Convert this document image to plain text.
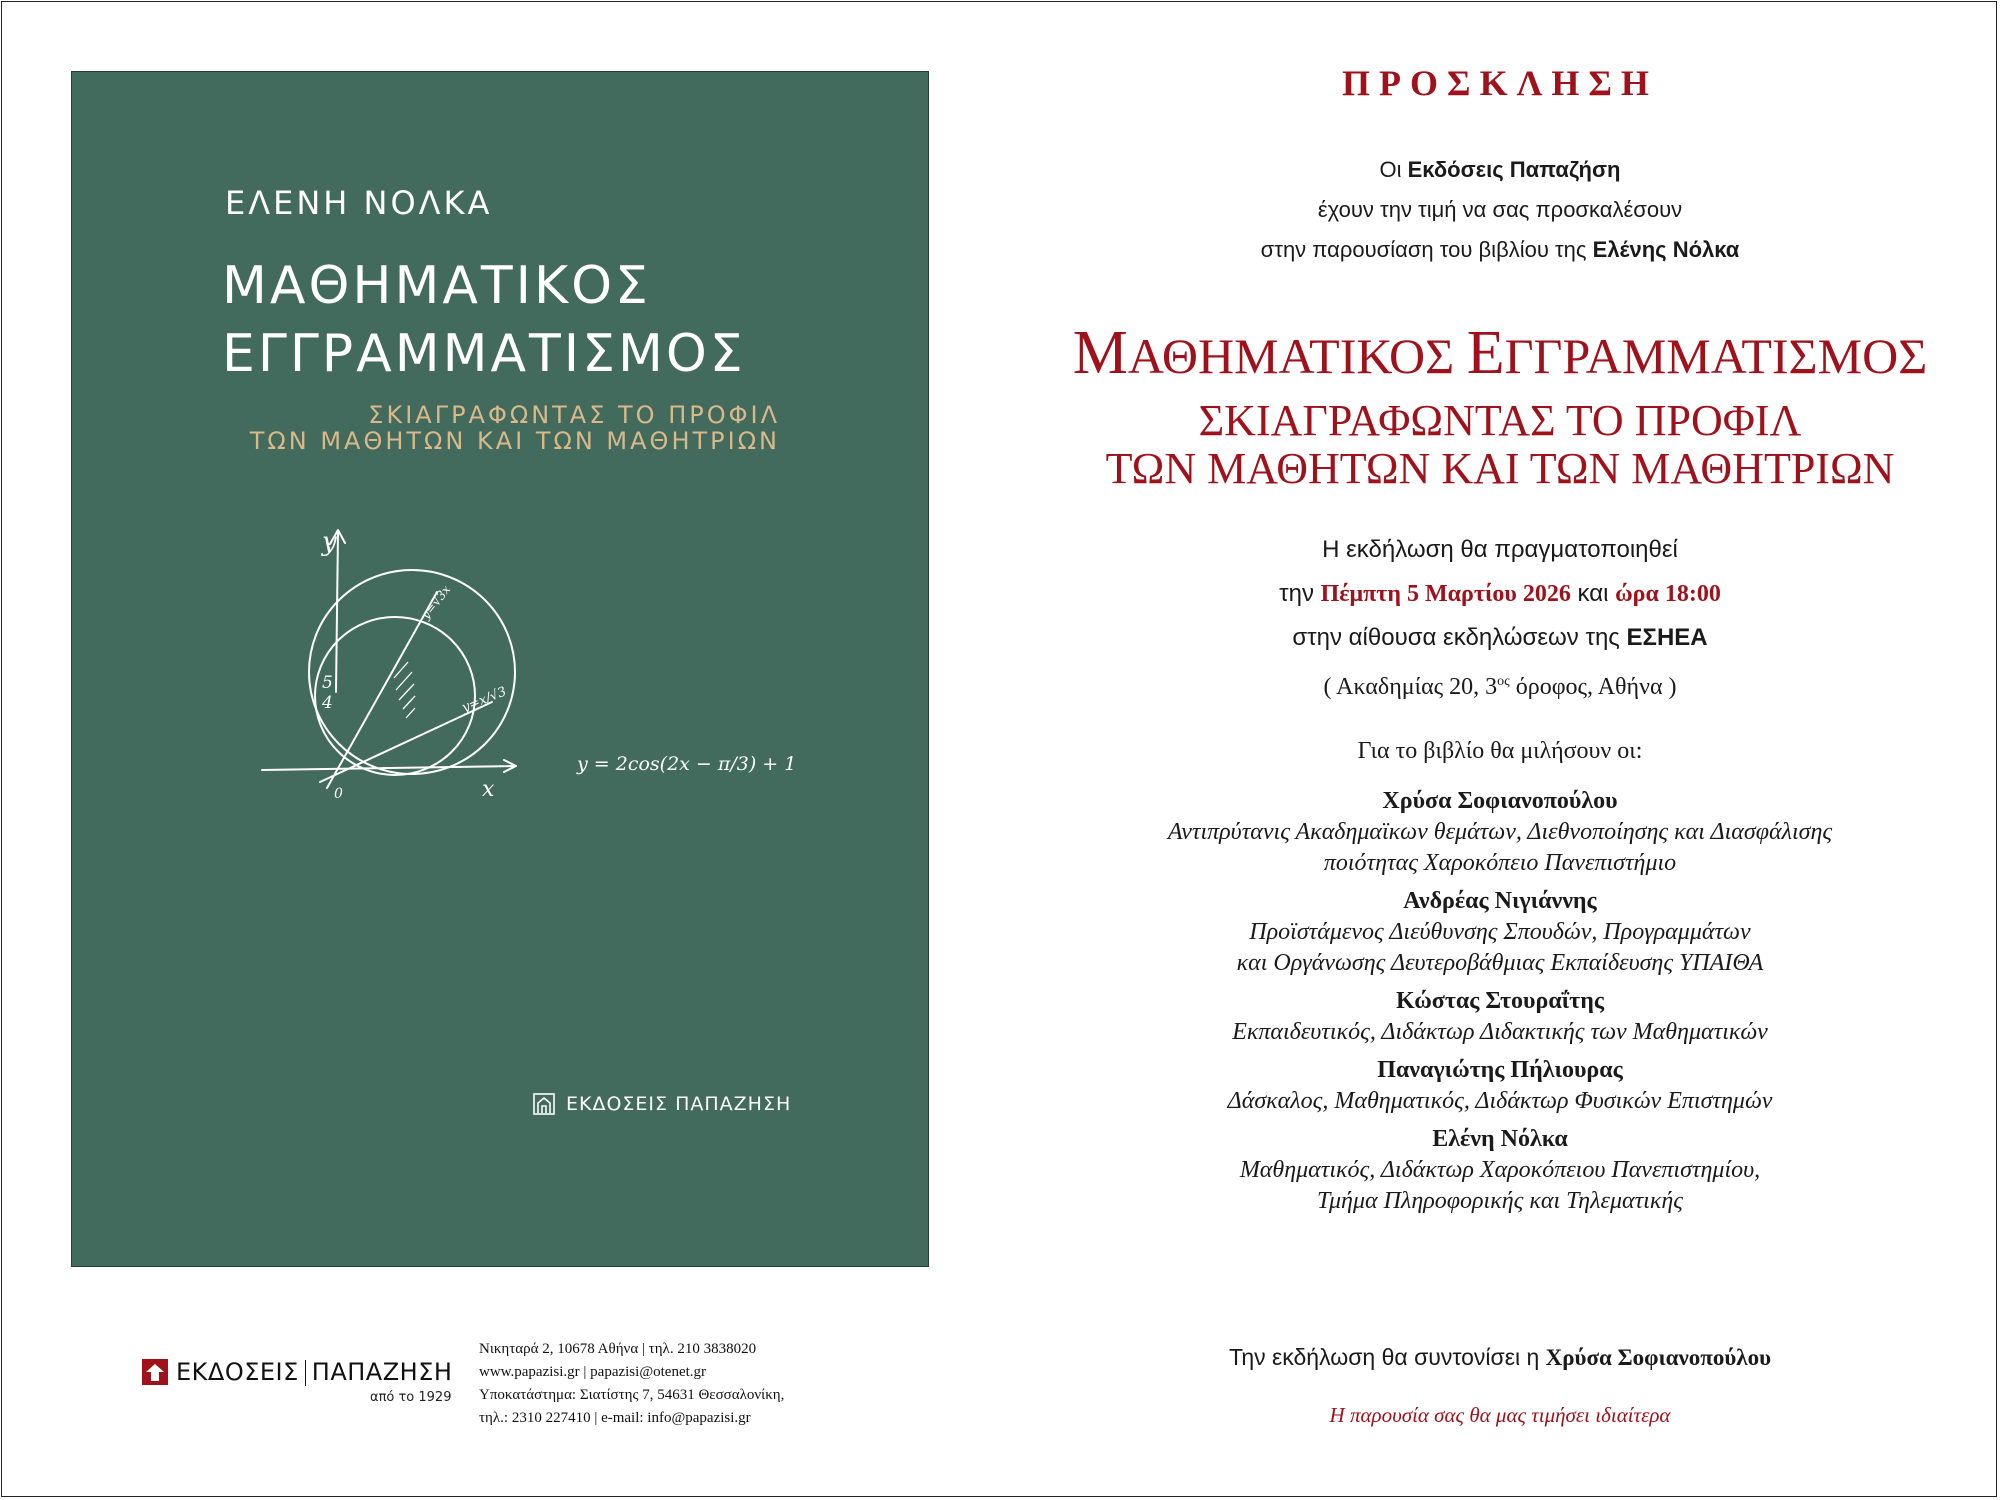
ΕΛΕΝΗ ΝΟΛΚΑ
ΜΑΘΗΜΑΤΙΚΟΣ
ΕΓΓΡΑΜΜΑΤΙΣΜΟΣ
ΣΚΙΑΓΡΑΦΩΝΤΑΣ ΤΟ ΠΡΟΦΙΛ
ΤΩΝ ΜΑΘΗΤΩΝ ΚΑΙ ΤΩΝ ΜΑΘΗΤΡΙΩΝ
y
x
0
5
4
y=√3x
y=x/√3
y = 2cos(2x − π/3) + 1
ΕΚΔΟΣΕΙΣ ΠΑΠΑΖΗΣΗ
ΕΚΔΟΣΕΙΣ ΠΑΠΑΖΗΣΗ
από το 1929
Νικηταρά 2, 10678 Αθήνα | τηλ. 210 3838020
www.papazisi.gr | papazisi@otenet.gr
Υποκατάστημα: Σιατίστης 7, 54631 Θεσσαλονίκη,
τηλ.: 2310 227410 | e-mail: info@papazisi.gr
ΠΡΟΣΚΛΗΣΗ
Οι Εκδόσεις Παπαζήση
έχουν την τιμή να σας προσκαλέσουν
στην παρουσίαση του βιβλίου της Ελένης Νόλκα
ΜΑΘΗΜΑΤΙΚΟΣ ΕΓΓΡΑΜΜΑΤΙΣΜΟΣ
ΣΚΙΑΓΡΑΦΩΝΤΑΣ ΤΟ ΠΡΟΦΙΛ
ΤΩΝ ΜΑΘΗΤΩΝ ΚΑΙ ΤΩΝ ΜΑΘΗΤΡΙΩΝ
Η εκδήλωση θα πραγματοποιηθεί
την Πέμπτη 5 Μαρτίου 2026 και ώρα 18:00
στην αίθουσα εκδηλώσεων της ΕΣΗΕΑ
( Ακαδημίας 20, $3^{o\varsigma}$ όροφος, Αθήνα )
Για το βιβλίο θα μιλήσουν οι:
Χρύσα Σοφιανοπούλου
Αντιπρύτανις Ακαδημαϊκων θεμάτων, Διεθνοποίησης και Διασφάλισης
ποιότητας Χαροκόπειο Πανεπιστήμιο
Ανδρέας Νιγιάννης
Προϊστάμενος Διεύθυνσης Σπουδών, Προγραμμάτων
και Οργάνωσης Δευτεροβάθμιας Εκπαίδευσης ΥΠΑΙΘΑ
Κώστας Στουραΐτης
Εκπαιδευτικός, Διδάκτωρ Διδακτικής των Μαθηματικών
Παναγιώτης Πήλιουρας
Δάσκαλος, Μαθηματικός, Διδάκτωρ Φυσικών Επιστημών
Ελένη Νόλκα
Μαθηματικός, Διδάκτωρ Χαροκόπειου Πανεπιστημίου,
Τμήμα Πληροφορικής και Τηλεματικής
Την εκδήλωση θα συντονίσει η Χρύσα Σοφιανοπούλου
Η παρουσία σας θα μας τιμήσει ιδιαίτερα
